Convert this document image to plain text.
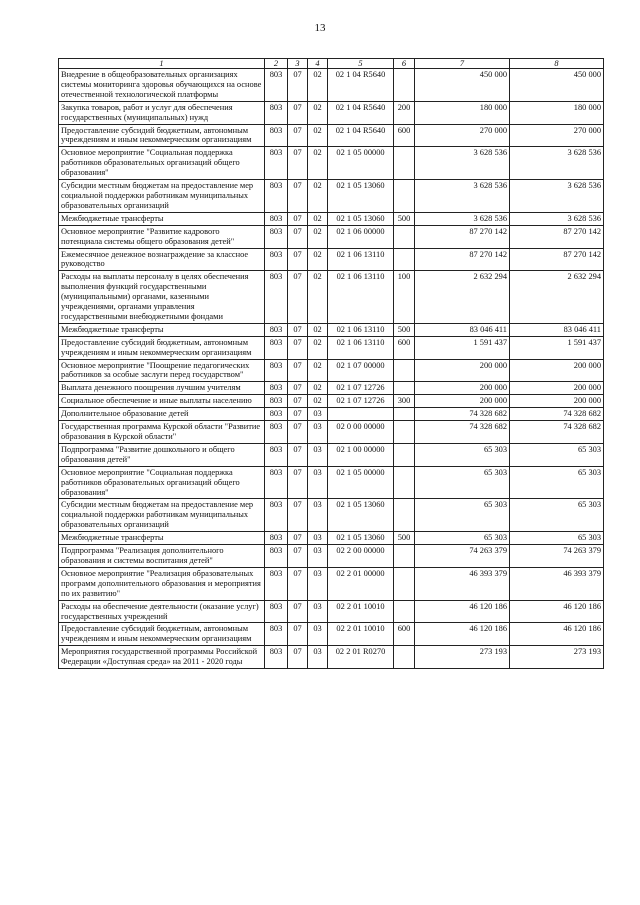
13
1	2	3	4	5	6	7	8
Внедрение в общеобразовательных организациях системы мониторинга здоровья обучающихся на основе отечественной технологической платформы	803	07	02	02 1 04 R5640		450 000	450 000
Закупка товаров, работ и услуг для обеспечения государственных (муниципальных) нужд	803	07	02	02 1 04 R5640	200	180 000	180 000
Предоставление субсидий бюджетным, автономным учреждениям и иным некоммерческим организациям	803	07	02	02 1 04 R5640	600	270 000	270 000
Основное мероприятие "Социальная поддержка работников образовательных организаций общего образования"	803	07	02	02 1 05 00000		3 628 536	3 628 536
Субсидии местным бюджетам на предоставление мер социальной поддержки работникам муниципальных образовательных организаций	803	07	02	02 1 05 13060		3 628 536	3 628 536
Межбюджетные трансферты	803	07	02	02 1 05 13060	500	3 628 536	3 628 536
Основное мероприятие "Развитие кадрового потенциала системы общего образования детей"	803	07	02	02 1 06 00000		87 270 142	87 270 142
Ежемесячное денежное вознаграждение за классное руководство	803	07	02	02 1 06 13110		87 270 142	87 270 142
Расходы на выплаты персоналу в целях обеспечения выполнения функций государственными (муниципальными) органами, казенными учреждениями, органами управления государственными внебюджетными фондами	803	07	02	02 1 06 13110	100	2 632 294	2 632 294
Межбюджетные трансферты	803	07	02	02 1 06 13110	500	83 046 411	83 046 411
Предоставление субсидий бюджетным, автономным учреждениям и иным некоммерческим организациям	803	07	02	02 1 06 13110	600	1 591 437	1 591 437
Основное мероприятие "Поощрение педагогических работников за особые заслуги перед государством"	803	07	02	02 1 07 00000		200 000	200 000
Выплата денежного поощрения лучшим учителям	803	07	02	02 1 07 12726		200 000	200 000
Социальное обеспечение и иные выплаты населению	803	07	02	02 1 07 12726	300	200 000	200 000
Дополнительное образование детей	803	07	03			74 328 682	74 328 682
Государственная программа Курской области "Развитие образования в Курской области"	803	07	03	02 0 00 00000		74 328 682	74 328 682
Подпрограмма "Развитие дошкольного и общего образования детей"	803	07	03	02 1 00 00000		65 303	65 303
Основное мероприятие "Социальная поддержка работников образовательных организаций общего образования"	803	07	03	02 1 05 00000		65 303	65 303
Субсидии местным бюджетам на предоставление мер социальной поддержки работникам муниципальных образовательных организаций	803	07	03	02 1 05 13060		65 303	65 303
Межбюджетные трансферты	803	07	03	02 1 05 13060	500	65 303	65 303
Подпрограмма "Реализация дополнительного образования и системы воспитания детей"	803	07	03	02 2 00 00000		74 263 379	74 263 379
Основное мероприятие "Реализация образовательных программ дополнительного образования и мероприятия по их развитию"	803	07	03	02 2 01 00000		46 393 379	46 393 379
Расходы на обеспечение деятельности (оказание услуг) государственных учреждений	803	07	03	02 2 01 10010		46 120 186	46 120 186
Предоставление субсидий бюджетным, автономным учреждениям и иным некоммерческим организациям	803	07	03	02 2 01 10010	600	46 120 186	46 120 186
Мероприятия государственной программы Российской Федерации «Доступная среда» на 2011 - 2020 годы	803	07	03	02 2 01 R0270		273 193	273 193
